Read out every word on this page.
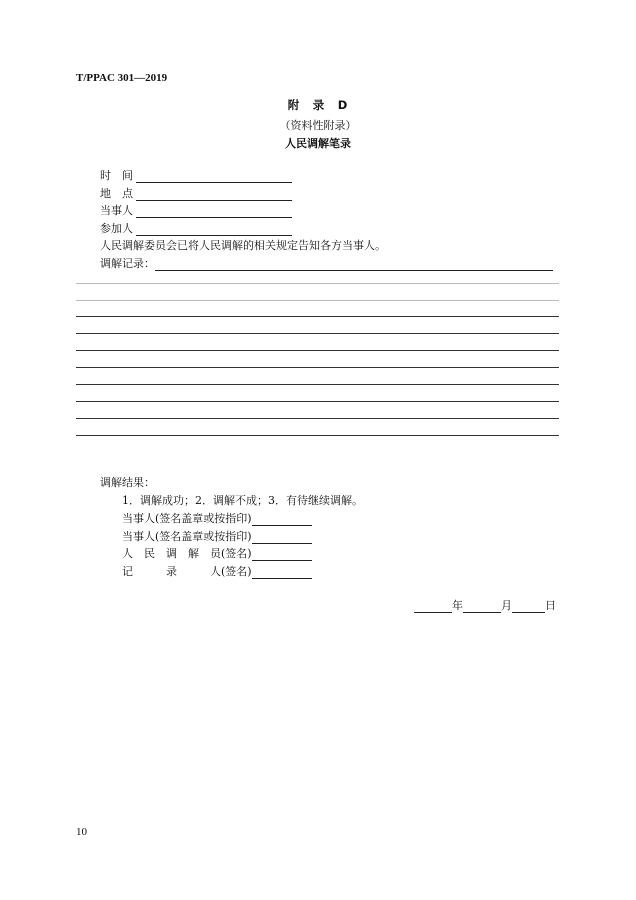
T/PPAC 301—2019
附　录　D
（资料性附录）
人民调解笔录
时　间
地　点
当事人
参加人
人民调解委员会已将人民调解的相关规定告知各方当事人。
调解记录：
调解结果：
1．调解成功；2．调解不成；3．有待继续调解。
当事人(签名盖章或按指印)
当事人(签名盖章或按指印)
人　民　调　解　员(签名)
记　　　录　　　人(签名)
年	月	日
10
